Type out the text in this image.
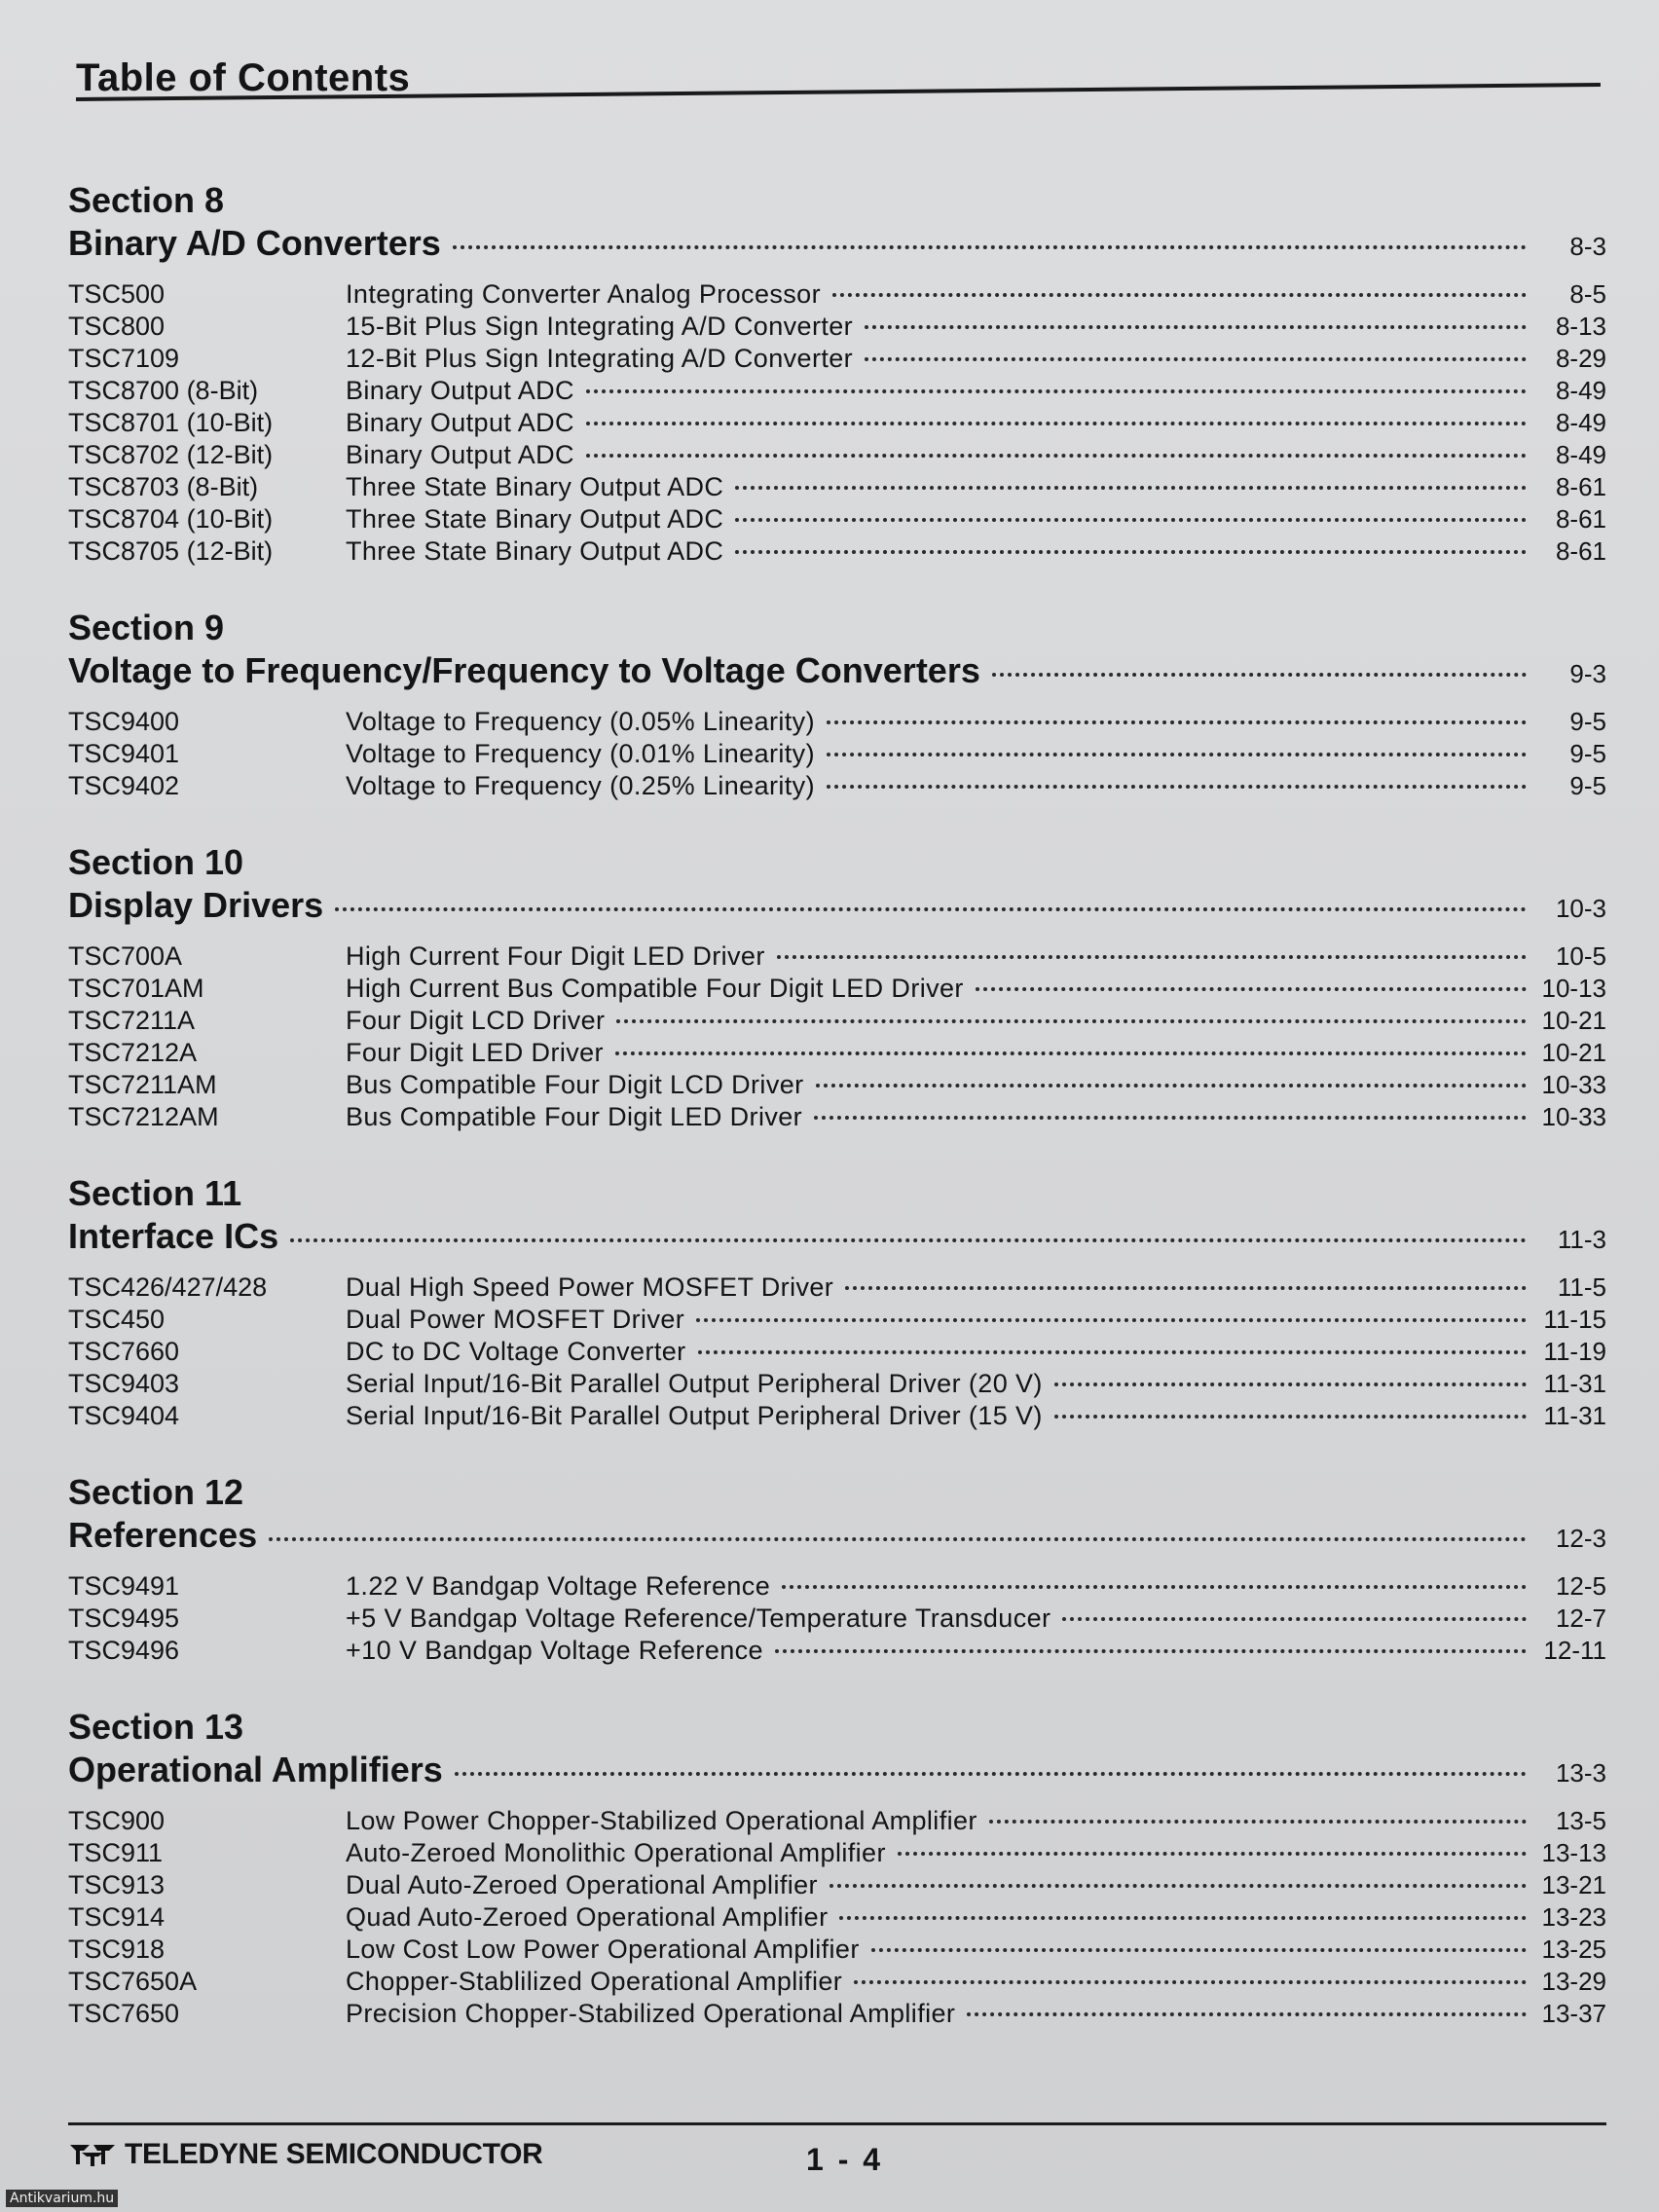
Table of Contents
Section 8
Binary A/D Converters	8-3
TSC500	Integrating Converter Analog Processor	8-5
TSC800	15-Bit Plus Sign Integrating A/D Converter	8-13
TSC7109	12-Bit Plus Sign Integrating A/D Converter	8-29
TSC8700 (8-Bit)	Binary Output ADC	8-49
TSC8701 (10-Bit)	Binary Output ADC	8-49
TSC8702 (12-Bit)	Binary Output ADC	8-49
TSC8703 (8-Bit)	Three State Binary Output ADC	8-61
TSC8704 (10-Bit)	Three State Binary Output ADC	8-61
TSC8705 (12-Bit)	Three State Binary Output ADC	8-61
Section 9
Voltage to Frequency/Frequency to Voltage Converters	9-3
TSC9400	Voltage to Frequency (0.05% Linearity)	9-5
TSC9401	Voltage to Frequency (0.01% Linearity)	9-5
TSC9402	Voltage to Frequency (0.25% Linearity)	9-5
Section 10
Display Drivers	10-3
TSC700A	High Current Four Digit LED Driver	10-5
TSC701AM	High Current Bus Compatible Four Digit LED Driver	10-13
TSC7211A	Four Digit LCD Driver	10-21
TSC7212A	Four Digit LED Driver	10-21
TSC7211AM	Bus Compatible Four Digit LCD Driver	10-33
TSC7212AM	Bus Compatible Four Digit LED Driver	10-33
Section 11
Interface ICs	11-3
TSC426/427/428	Dual High Speed Power MOSFET Driver	11-5
TSC450	Dual Power MOSFET Driver	11-15
TSC7660	DC to DC Voltage Converter	11-19
TSC9403	Serial Input/16-Bit Parallel Output Peripheral Driver (20 V)	11-31
TSC9404	Serial Input/16-Bit Parallel Output Peripheral Driver (15 V)	11-31
Section 12
References	12-3
TSC9491	1.22 V Bandgap Voltage Reference	12-5
TSC9495	+5 V Bandgap Voltage Reference/Temperature Transducer	12-7
TSC9496	+10 V Bandgap Voltage Reference	12-11
Section 13
Operational Amplifiers	13-3
TSC900	Low Power Chopper-Stabilized Operational Amplifier	13-5
TSC911	Auto-Zeroed Monolithic Operational Amplifier	13-13
TSC913	Dual Auto-Zeroed Operational Amplifier	13-21
TSC914	Quad Auto-Zeroed Operational Amplifier	13-23
TSC918	Low Cost Low Power Operational Amplifier	13-25
TSC7650A	Chopper-Stablilized Operational Amplifier	13-29
TSC7650	Precision Chopper-Stabilized Operational Amplifier	13-37
TELEDYNE SEMICONDUCTOR	1 - 4
Antikvarium.hu
